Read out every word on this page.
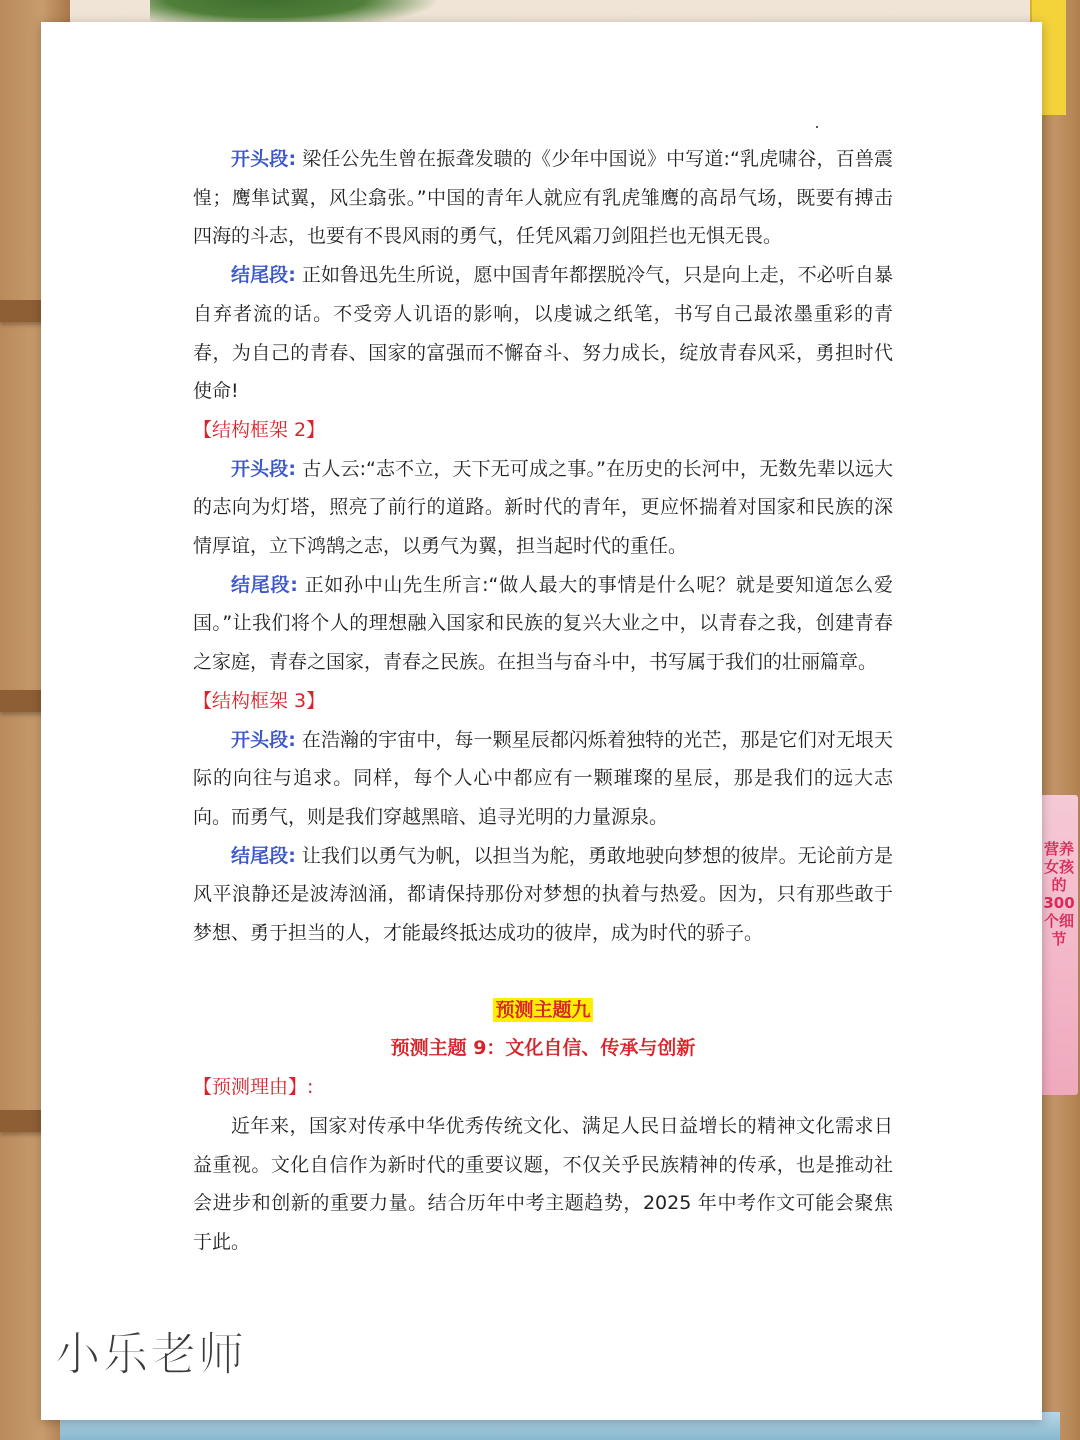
营养女孩的300个细节

开头段: 梁任公先生曾在振聋发聩的《少年中国说》中写道:“乳虎啸谷，百兽震惶；鹰隼试翼，风尘翕张。”中国的青年人就应有乳虎雏鹰的高昂气场，既要有搏击四海的斗志，也要有不畏风雨的勇气，任凭风霜刀剑阻拦也无惧无畏。

结尾段: 正如鲁迅先生所说，愿中国青年都摆脱冷气，只是向上走，不必听自暴自弃者流的话。不受旁人讥语的影响，以虔诚之纸笔，书写自己最浓墨重彩的青春，为自己的青春、国家的富强而不懈奋斗、努力成长，绽放青春风采，勇担时代使命!

【结构框架 2】

开头段: 古人云:“志不立，天下无可成之事。”在历史的长河中，无数先辈以远大的志向为灯塔，照亮了前行的道路。新时代的青年，更应怀揣着对国家和民族的深情厚谊，立下鸿鹄之志，以勇气为翼，担当起时代的重任。

结尾段: 正如孙中山先生所言:“做人最大的事情是什么呢？就是要知道怎么爱国。”让我们将个人的理想融入国家和民族的复兴大业之中，以青春之我，创建青春之家庭，青春之国家，青春之民族。在担当与奋斗中，书写属于我们的壮丽篇章。

【结构框架 3】

开头段: 在浩瀚的宇宙中，每一颗星辰都闪烁着独特的光芒，那是它们对无垠天际的向往与追求。同样，每个人心中都应有一颗璀璨的星辰，那是我们的远大志向。而勇气，则是我们穿越黑暗、追寻光明的力量源泉。

结尾段: 让我们以勇气为帆，以担当为舵，勇敢地驶向梦想的彼岸。无论前方是风平浪静还是波涛汹涌，都请保持那份对梦想的执着与热爱。因为，只有那些敢于梦想、勇于担当的人，才能最终抵达成功的彼岸，成为时代的骄子。

预测主题九

预测主题 9：文化自信、传承与创新

【预测理由】:

近年来，国家对传承中华优秀传统文化、满足人民日益增长的精神文化需求日益重视。文化自信作为新时代的重要议题，不仅关乎民族精神的传承，也是推动社会进步和创新的重要力量。结合历年中考主题趋势，2025 年中考作文可能会聚焦于此。

小乐老师
